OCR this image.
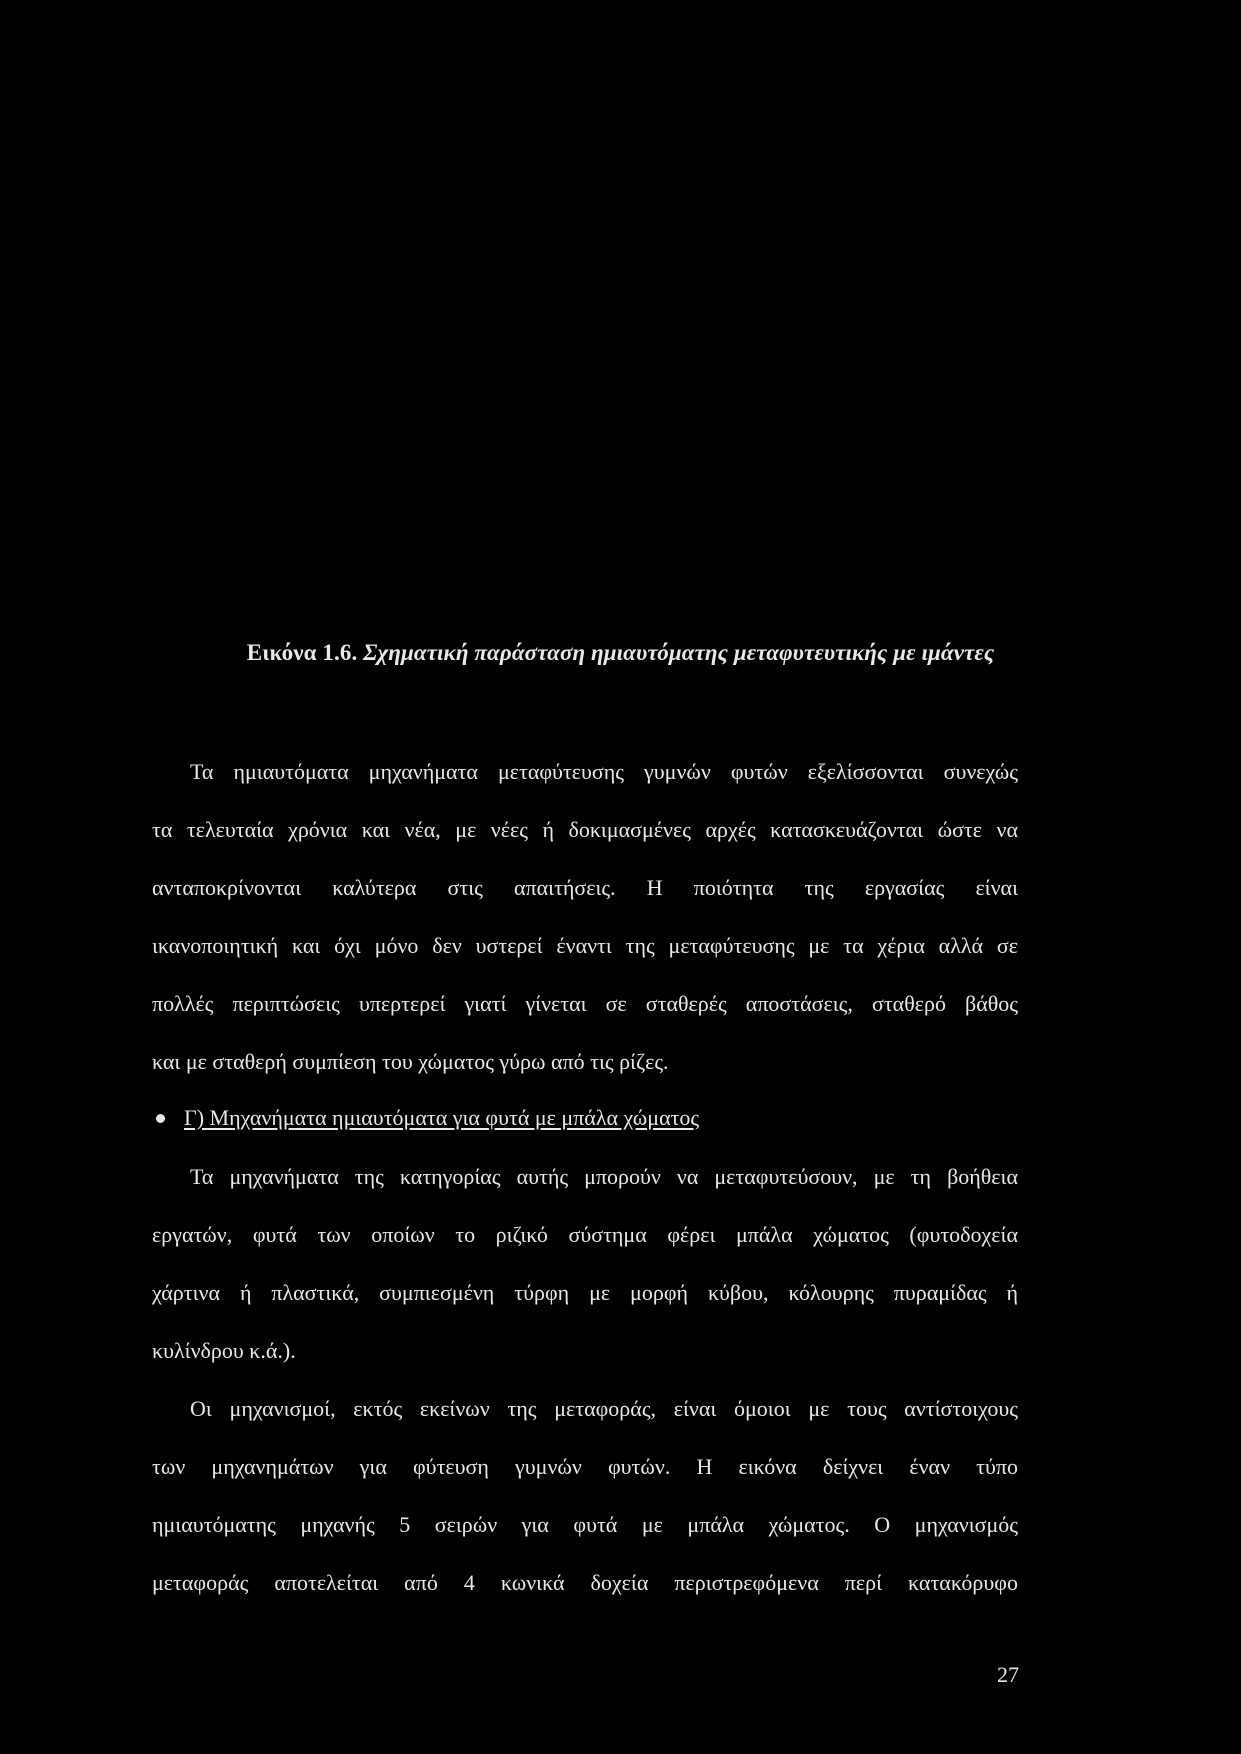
Εικόνα 1.6. Σχηματική παράσταση ημιαυτόματης μεταφυτευτικής με ιμάντες
Τα ημιαυτόματα μηχανήματα μεταφύτευσης γυμνών φυτών εξελίσσονται συνεχώς
τα τελευταία χρόνια και νέα, με νέες ή δοκιμασμένες αρχές κατασκευάζονται ώστε να
ανταποκρίνονται καλύτερα στις απαιτήσεις. Η ποιότητα της εργασίας είναι
ικανοποιητική και όχι μόνο δεν υστερεί έναντι της μεταφύτευσης με τα χέρια αλλά σε
πολλές περιπτώσεις υπερτερεί γιατί γίνεται σε σταθερές αποστάσεις, σταθερό βάθος
και με σταθερή συμπίεση του χώματος γύρω από τις ρίζες.
Γ) Μηχανήματα ημιαυτόματα για φυτά με μπάλα χώματος
Τα μηχανήματα της κατηγορίας αυτής μπορούν να μεταφυτεύσουν, με τη βοήθεια
εργατών, φυτά των οποίων το ριζικό σύστημα φέρει μπάλα χώματος (φυτοδοχεία
χάρτινα ή πλαστικά, συμπιεσμένη τύρφη με μορφή κύβου, κόλουρης πυραμίδας ή
κυλίνδρου κ.ά.).
Οι μηχανισμοί, εκτός εκείνων της μεταφοράς, είναι όμοιοι με τους αντίστοιχους
των μηχανημάτων για φύτευση γυμνών φυτών. Η εικόνα δείχνει έναν τύπο
ημιαυτόματης μηχανής 5 σειρών για φυτά με μπάλα χώματος. Ο μηχανισμός
μεταφοράς αποτελείται από 4 κωνικά δοχεία περιστρεφόμενα περί κατακόρυφο
27
